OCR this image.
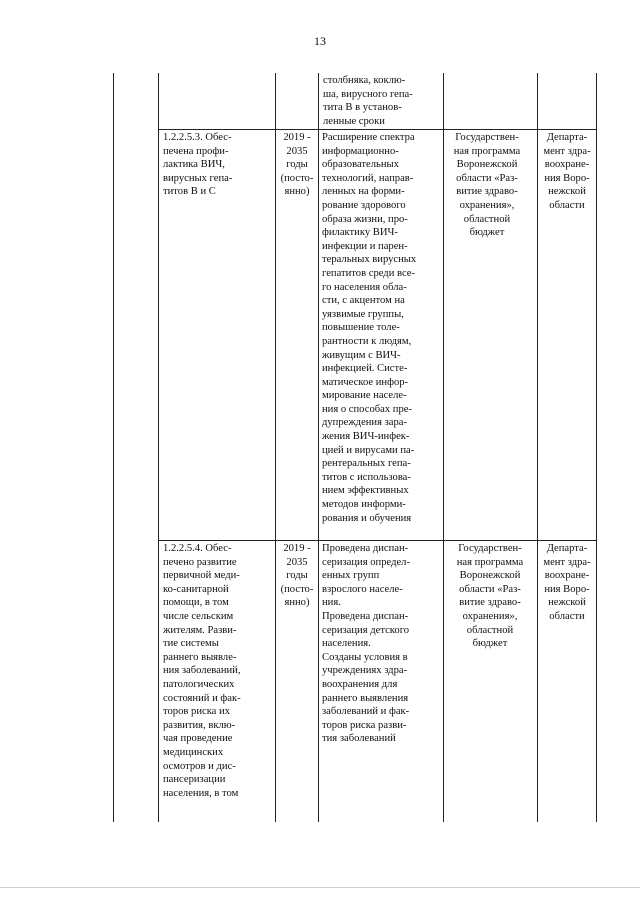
13
столбняка, коклю-
ша, вирусного гепа-
тита В в установ-
ленные сроки
1.2.2.5.3. Обес-
печена профи-
лактика ВИЧ,
вирусных гепа-
титов В и С
2019 -
2035
годы
(посто-
янно)
Расширение спектра
информационно-
образовательных
технологий, направ-
ленных на форми-
рование здорового
образа жизни, про-
филактику ВИЧ-
инфекции и парен-
теральных вирусных
гепатитов среди все-
го населения обла-
сти, с акцентом на
уязвимые группы,
повышение толе-
рантности к людям,
живущим с ВИЧ-
инфекцией. Систе-
матическое инфор-
мирование населе-
ния о способах пре-
дупреждения зара-
жения ВИЧ-инфек-
цией и вирусами па-
рентеральных гепа-
титов с использова-
нием эффективных
методов информи-
рования и обучения
Государствен-
ная программа
Воронежской
области «Раз-
витие здраво-
охранения»,
областной
бюджет
Департа-
мент здра-
воохране-
ния Воро-
нежской
области
1.2.2.5.4. Обес-
печено развитие
первичной меди-
ко-санитарной
помощи, в том
числе сельским
жителям. Разви-
тие системы
раннего выявле-
ния заболеваний,
патологических
состояний и фак-
торов риска их
развития, вклю-
чая проведение
медицинских
осмотров и дис-
пансеризации
населения, в том
2019 -
2035
годы
(посто-
янно)
Проведена диспан-
серизация определ-
енных групп
взрослого населе-
ния.
Проведена диспан-
серизация детского
населения.
Созданы условия в
учреждениях здра-
воохранения для
раннего выявления
заболеваний и фак-
торов риска разви-
тия заболеваний
Государствен-
ная программа
Воронежской
области «Раз-
витие здраво-
охранения»,
областной
бюджет
Департа-
мент здра-
воохране-
ния Воро-
нежской
области
